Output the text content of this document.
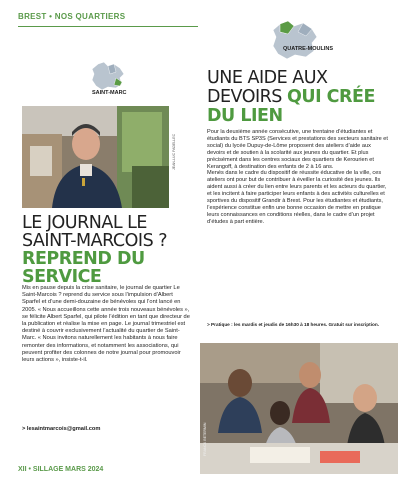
BREST • NOS QUARTIERS
SAINT-MARC
JEAN-LUC PADELLEC
LE JOURNAL LE
SAINT-MARCOIS ?
REPREND DU
SERVICE
Mis en pause depuis la crise sanitaire, le journal de quartier Le Saint-Marcois ? reprend du service sous l’impulsion d’Albert Sparfel et d’une demi-douzaine de bénévoles qui l’ont lancé en 2005. « Nous accueillons cette année trois nouveaux bénévoles », se félicite Albert Sparfel, qui pilote l’édition en tant que directeur de la publication et réalise la mise en page. Le journal trimestriel est destiné à couvrir exclusivement l’actualité du quartier de Saint-Marc. « Nous invitons naturellement les habitants à nous faire remonter des informations, et notamment les associations, qui peuvent profiter des colonnes de notre journal pour promouvoir leurs actions », insiste-t-il.
> lesaintmarcois@gmail.com
QUATRE-MOULINS
UNE AIDE AUX
DEVOIRS QUI CRÉE
DU LIEN

Pour la deuxième année consécutive, une trentaine d’étudiantes et étudiants du BTS SP3S (Services et prestations des secteurs sanitaire et social) du lycée Dupuy-de-Lôme proposent des ateliers d’aide aux devoirs et de soutien à la scolarité aux jeunes du quartier. Et plus précisément dans les centres sociaux des quartiers de Kerourien et Kerangoff, à destination des enfants de 2 à 16 ans.

Menés dans le cadre du dispositif de réussite éducative de la ville, ces ateliers ont pour but de contribuer à éveiller la curiosité des jeunes. Ils aident aussi à créer du lien entre leurs parents et les acteurs du quartier, et les incitent à faire participer leurs enfants à des activités culturelles et sportives du dispositif Grandir à Brest. Pour les étudiantes et étudiants, l’expérience constitue enfin une bonne occasion de mettre en pratique leurs connaissances en conditions réelles, dans le cadre d’un projet d’études à part entière.

> Pratique : les mardis et jeudis de 16h30 à 18 heures. Gratuit sur inscription.
FRANCK BETERMIN
XII • SILLAGE MARS 2024
